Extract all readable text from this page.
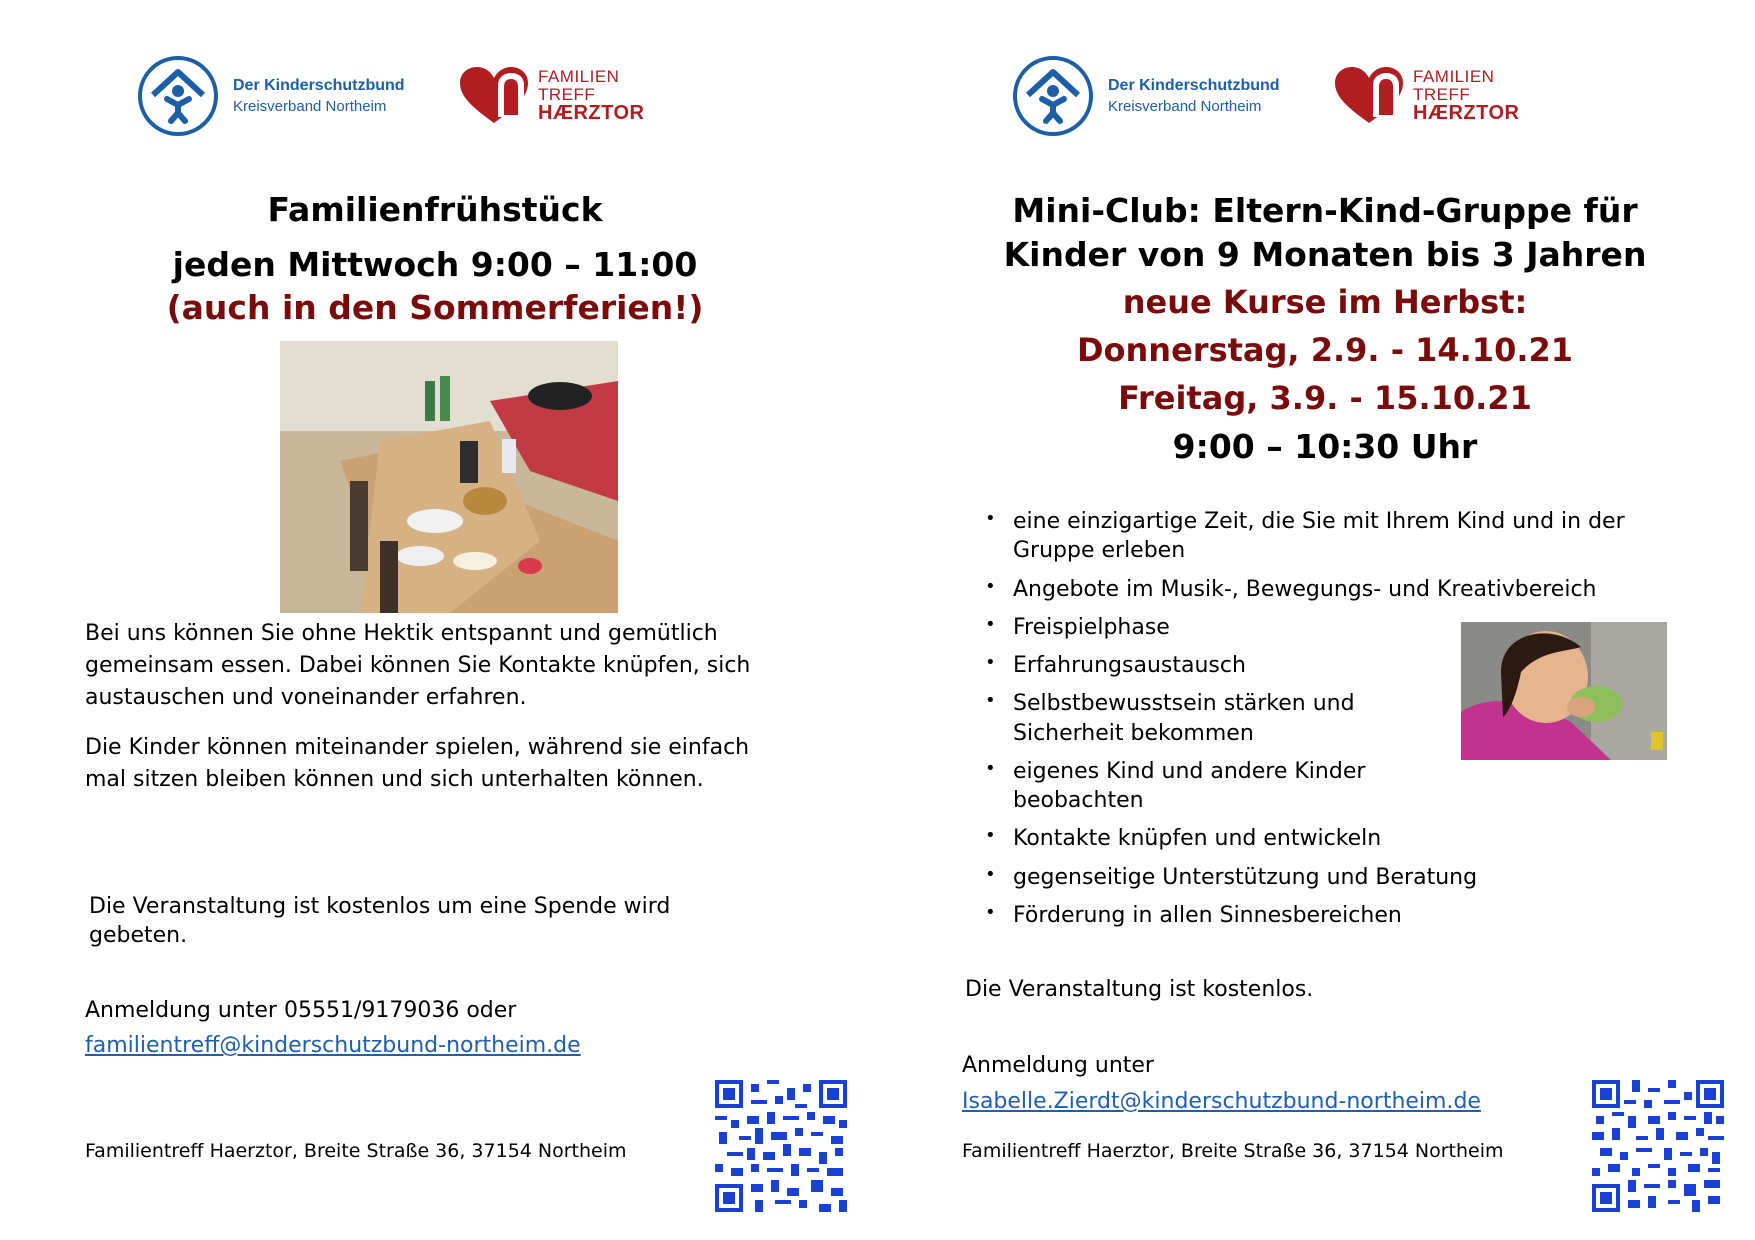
Der Kinderschutzbund
Kreisverband Northeim
FAMILIEN
TREFF
HÆRZTOR
Der Kinderschutzbund
Kreisverband Northeim
FAMILIEN
TREFF
HÆRZTOR
Familienfrühstück
jeden Mittwoch 9:00 – 11:00
(auch in den Sommerferien!)
Bei uns können Sie ohne Hektik entspannt und gemütlich gemeinsam essen. Dabei können Sie Kontakte knüpfen, sich austauschen und voneinander erfahren.
Die Kinder können miteinander spielen, während sie einfach mal sitzen bleiben können und sich unterhalten können.
Die Veranstaltung ist kostenlos um eine Spende wird gebeten.
Anmeldung unter 05551/9179036 oder
familientreff@kinderschutzbund-northeim.de
Familientreff Haerztor, Breite Straße 36, 37154 Northeim
Mini-Club: Eltern-Kind-Gruppe für
Kinder von 9 Monaten bis 3 Jahren
neue Kurse im Herbst:
Donnerstag, 2.9. - 14.10.21
Freitag, 3.9. - 15.10.21
9:00 – 10:30 Uhr
• eine einzigartige Zeit, die Sie mit Ihrem Kind und in der Gruppe erleben
• Angebote im Musik-, Bewegungs- und Kreativbereich
• Freispielphase
• Erfahrungsaustausch
• Selbstbewusstsein stärken und Sicherheit bekommen
• eigenes Kind und andere Kinder beobachten
• Kontakte knüpfen und entwickeln
• gegenseitige Unterstützung und Beratung
• Förderung in allen Sinnesbereichen
Die Veranstaltung ist kostenlos.
Anmeldung unter
Isabelle.Zierdt@kinderschutzbund-northeim.de
Familientreff Haerztor, Breite Straße 36, 37154 Northeim
